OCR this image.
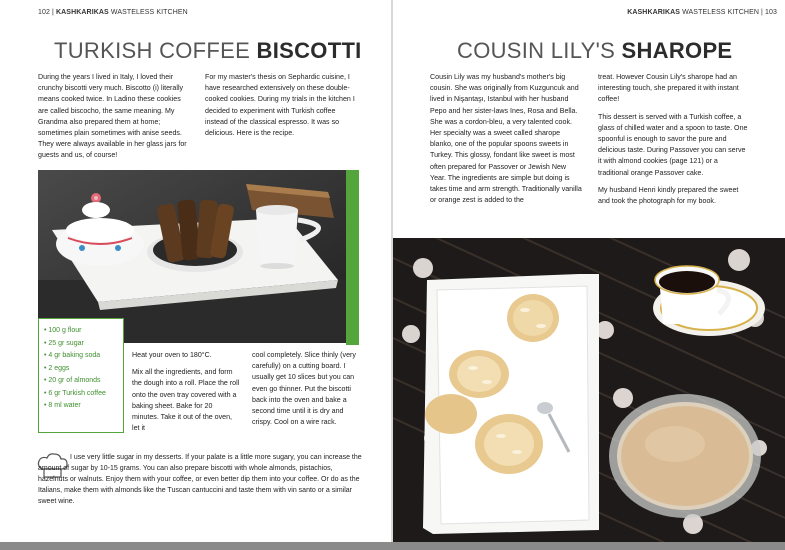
102 | KASHKARIKAS WASTELESS KITCHEN
TURKISH COFFEE BISCOTTI

During the years I lived in Italy, I loved their crunchy biscotti very much. Biscotto (i) literally means cooked twice. In Ladino these cookies are called biscocho, the same meaning. My Grandma also prepared them at home; sometimes plain sometimes with anise seeds. They were always available in her glass jars for guests and us, of course!

For my master's thesis on Sephardic cuisine, I have researched extensively on these double-cooked cookies. During my trials in the kitchen I decided to experiment with Turkish coffee instead of the classical espresso. It was so delicious. Here is the recipe.

• 100 g flour
• 25 gr sugar
• 4 gr baking soda
• 2 eggs
• 20 gr of almonds
• 6 gr Turkish coffee
• 8 ml water

Heat your oven to 180°C.

Mix all the ingredients, and form the dough into a roll. Place the roll onto the oven tray covered with a baking sheet. Bake for 20 minutes. Take it out of the oven, let it

cool completely. Slice thinly (very carefully) on a cutting board. I usually get 10 slices but you can even go thinner. Put the biscotti back into the oven and bake a second time until it is dry and crispy. Cool on a wire rack.

I use very little sugar in my desserts. If your palate is a little more sugary, you can increase the amount of sugar by 10-15 grams. You can also prepare biscotti with whole almonds, pistachios, hazelnuts or walnuts. Enjoy them with your coffee, or even better dip them into your coffee. Or do as the Italians, make them with almonds like the Tuscan cantuccini and taste them with vin santo or a similar sweet wine.

KASHKARIKAS WASTELESS KITCHEN | 103
COUSIN LILY'S SHAROPE

Cousin Lily was my husband's mother's big cousin. She was originally from Kuzguncuk and lived in Nişantaşı, Istanbul with her husband Pepo and her sister-laws Ines, Rosa and Bella. She was a cordon-bleu, a very talented cook. Her specialty was a sweet called sharope blanko, one of the popular spoons sweets in Turkey. This glossy, fondant like sweet is most often prepared for Passover or Jewish New Year. The ingredients are simple but doing is takes time and arm strength. Traditionally vanilla or orange zest is added to the

treat. However Cousin Lily's sharope had an interesting touch, she prepared it with instant coffee!

This dessert is served with a Turkish coffee, a glass of chilled water and a spoon to taste. One spoonful is enough to savor the pure and delicious taste. During Passover you can serve it with almond cookies (page 121) or a traditional orange Passover cake.

My husband Henri kindly prepared the sweet and took the photograph for my book.
